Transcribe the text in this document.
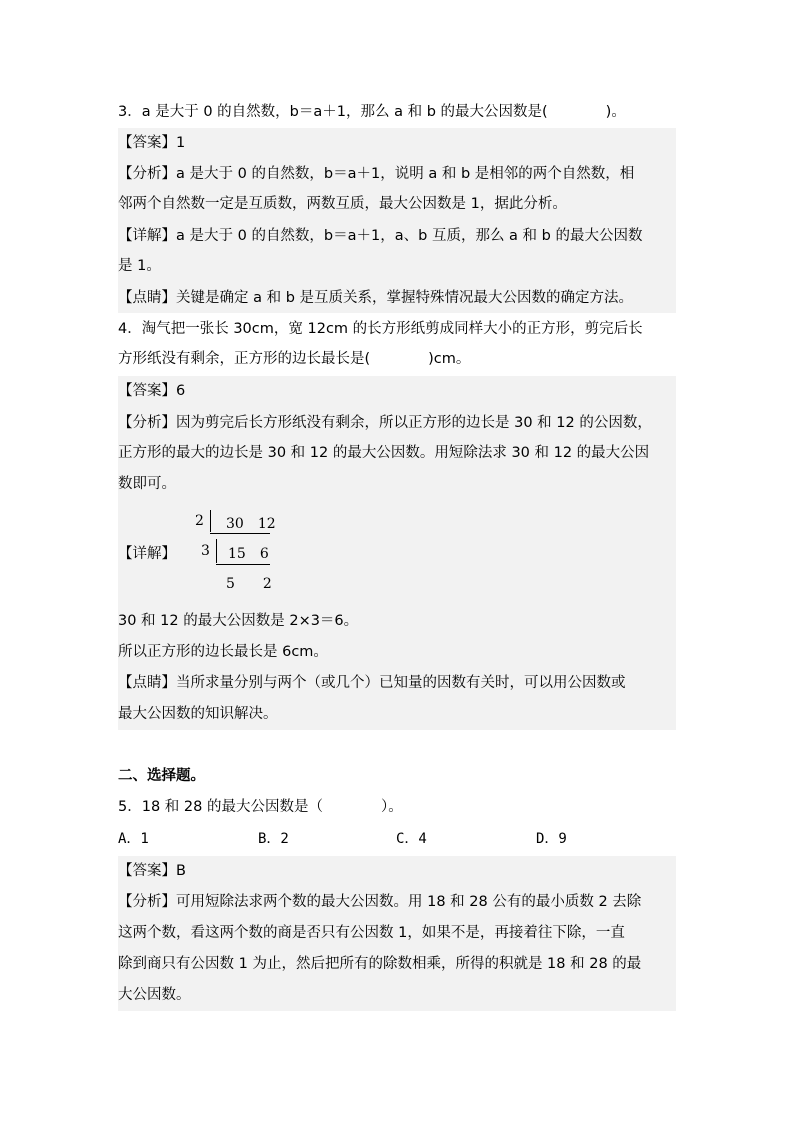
3．a 是大于 0 的自然数，b＝a＋1，那么 a 和 b 的最大公因数是(　　　　)。
【答案】1
【分析】a 是大于 0 的自然数，b＝a＋1，说明 a 和 b 是相邻的两个自然数，相
邻两个自然数一定是互质数，两数互质，最大公因数是 1，据此分析。
【详解】a 是大于 0 的自然数，b＝a＋1，a、b 互质，那么 a 和 b 的最大公因数
是 1。
【点睛】关键是确定 a 和 b 是互质关系，掌握特殊情况最大公因数的确定方法。
4．淘气把一张长 30cm，宽 12cm 的长方形纸剪成同样大小的正方形，剪完后长
方形纸没有剩余，正方形的边长最长是(　　　　)cm。
【答案】6
【分析】因为剪完后长方形纸没有剩余，所以正方形的边长是 30 和 12 的公因数，
正方形的最大的边长是 30 和 12 的最大公因数。用短除法求 30 和 12 的最大公因
数即可。
【详解】
2 30　12
3 15　6
5　　2
30 和 12 的最大公因数是 2×3＝6。
所以正方形的边长最长是 6cm。
【点睛】当所求量分别与两个（或几个）已知量的因数有关时，可以用公因数或
最大公因数的知识解决。
二、选择题。
5．18 和 28 的最大公因数是（　　　　）。
A．1	B．2	C．4	D．9
【答案】B
【分析】可用短除法求两个数的最大公因数。用 18 和 28 公有的最小质数 2 去除
这两个数，看这两个数的商是否只有公因数 1，如果不是，再接着往下除，一直
除到商只有公因数 1 为止，然后把所有的除数相乘，所得的积就是 18 和 28 的最
大公因数。
